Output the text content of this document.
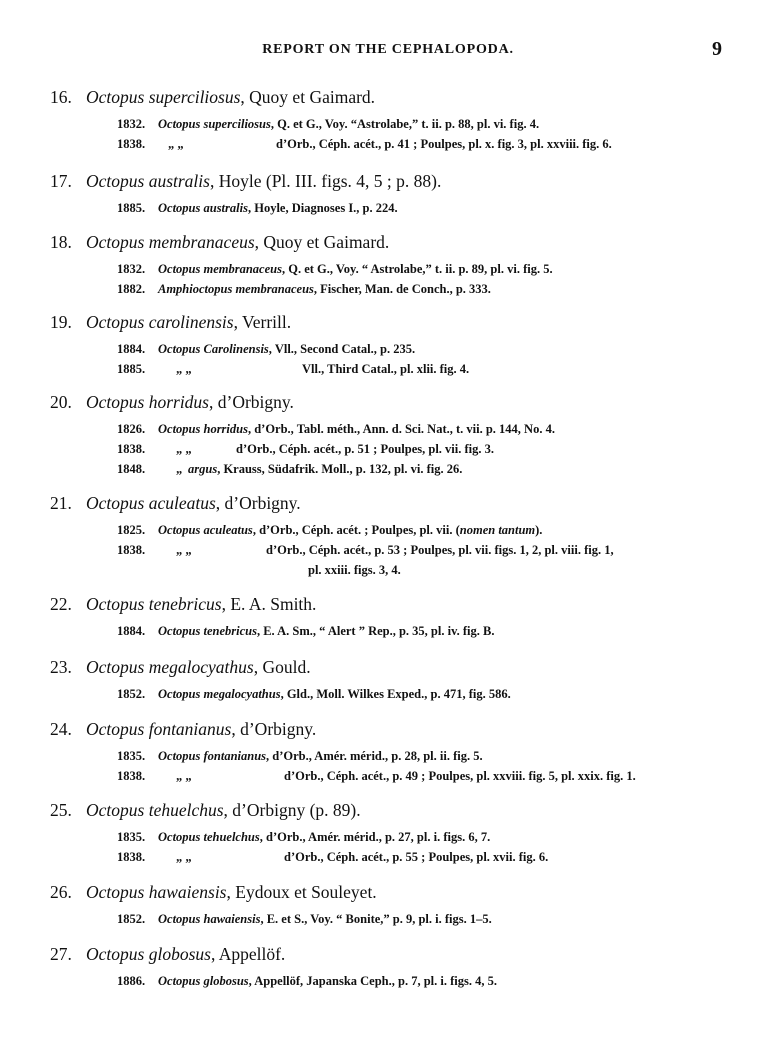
REPORT ON THE CEPHALOPODA.	9
16. Octopus superciliosus, Quoy et Gaimard.
1832. Octopus superciliosus, Q. et G., Voy. “Astrolabe,” t. ii. p. 88, pl. vi. fig. 4.
1838. „ „	d’Orb., Céph. acét., p. 41 ; Poulpes, pl. x. fig. 3, pl. xxviii. fig. 6.
17. Octopus australis, Hoyle (Pl. III. figs. 4, 5 ; p. 88).
1885. Octopus australis, Hoyle, Diagnoses I., p. 224.
18. Octopus membranaceus, Quoy et Gaimard.
1832. Octopus membranaceus, Q. et G., Voy. “ Astrolabe,” t. ii. p. 89, pl. vi. fig. 5.
1882. Amphioctopus membranaceus, Fischer, Man. de Conch., p. 333.
19. Octopus carolinensis, Verrill.
1884. Octopus Carolinensis, Vll., Second Catal., p. 235.
1885. „ „	Vll., Third Catal., pl. xlii. fig. 4.
20. Octopus horridus, d’Orbigny.
1826. Octopus horridus, d’Orb., Tabl. méth., Ann. d. Sci. Nat., t. vii. p. 144, No. 4.
1838. „ „	d’Orb., Céph. acét., p. 51 ; Poulpes, pl. vii. fig. 3.
1848. „ argus, Krauss, Südafrik. Moll., p. 132, pl. vi. fig. 26.
21. Octopus aculeatus, d’Orbigny.
1825. Octopus aculeatus, d’Orb., Céph. acét. ; Poulpes, pl. vii. (nomen tantum).
1838. „ „	d’Orb., Céph. acét., p. 53 ; Poulpes, pl. vii. figs. 1, 2, pl. viii. fig. 1,
pl. xxiii. figs. 3, 4.
22. Octopus tenebricus, E. A. Smith.
1884. Octopus tenebricus, E. A. Sm., “ Alert ” Rep., p. 35, pl. iv. fig. B.
23. Octopus megalocyathus, Gould.
1852. Octopus megalocyathus, Gld., Moll. Wilkes Exped., p. 471, fig. 586.
24. Octopus fontanianus, d’Orbigny.
1835. Octopus fontanianus, d’Orb., Amér. mérid., p. 28, pl. ii. fig. 5.
1838. „ „	d’Orb., Céph. acét., p. 49 ; Poulpes, pl. xxviii. fig. 5, pl. xxix. fig. 1.
25. Octopus tehuelchus, d’Orbigny (p. 89).
1835. Octopus tehuelchus, d’Orb., Amér. mérid., p. 27, pl. i. figs. 6, 7.
1838. „ „	d’Orb., Céph. acét., p. 55 ; Poulpes, pl. xvii. fig. 6.
26. Octopus hawaiensis, Eydoux et Souleyet.
1852. Octopus hawaiensis, E. et S., Voy. “ Bonite,” p. 9, pl. i. figs. 1–5.
27. Octopus globosus, Appellöf.
1886. Octopus globosus, Appellöf, Japanska Ceph., p. 7, pl. i. figs. 4, 5.
